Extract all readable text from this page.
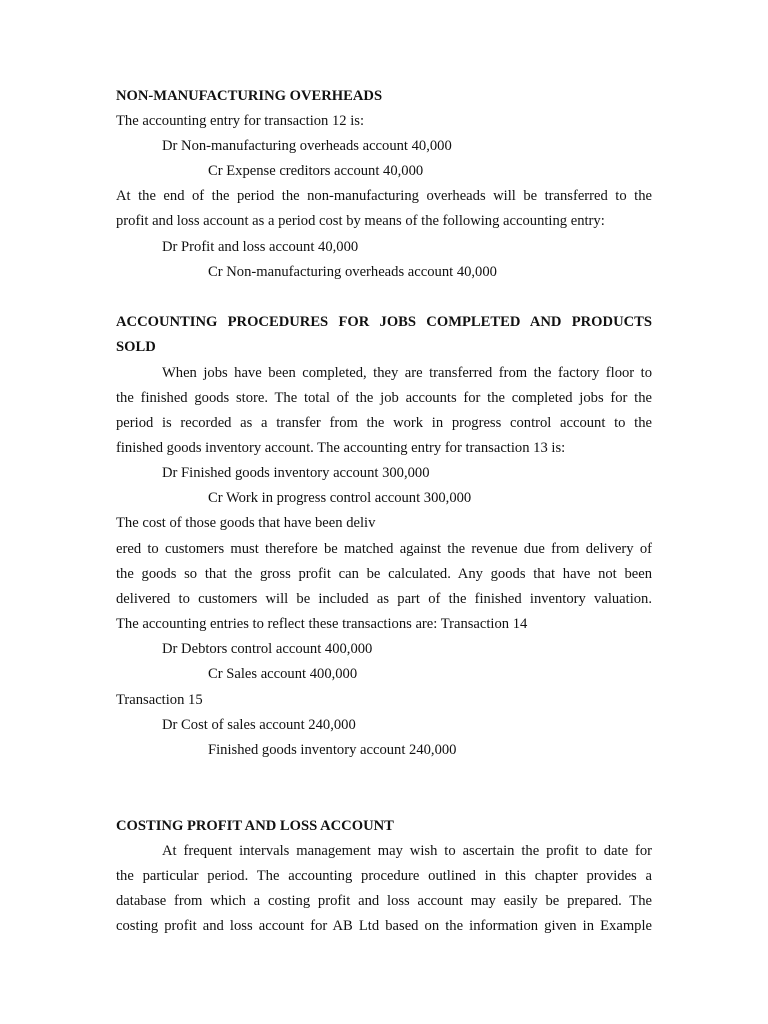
NON-MANUFACTURING OVERHEADS
The accounting entry for transaction 12 is:
Dr Non-manufacturing overheads account 40,000
Cr Expense creditors account 40,000
At the end of the period the non-manufacturing overheads will be transferred to the
profit and loss account as a period cost by means of the following accounting entry:
Dr Profit and loss account 40,000
Cr Non-manufacturing overheads account 40,000
ACCOUNTING PROCEDURES FOR JOBS COMPLETED AND PRODUCTS
SOLD
When jobs have been completed, they are transferred from the factory floor to
the finished goods store. The total of the job accounts for the completed jobs for the
period is recorded as a transfer from the work in progress control account to the
finished goods inventory account. The accounting entry for transaction 13 is:
Dr Finished goods inventory account 300,000
Cr Work in progress control account 300,000
The cost of those goods that have been deliv
ered to customers must therefore be matched against the revenue due from delivery of
the goods so that the gross profit can be calculated. Any goods that have not been
delivered to customers will be included as part of the finished inventory valuation.
The accounting entries to reflect these transactions are: Transaction 14
Dr Debtors control account 400,000
Cr Sales account 400,000
Transaction 15
Dr Cost of sales account 240,000
Finished goods inventory account 240,000
COSTING PROFIT AND LOSS ACCOUNT
At frequent intervals management may wish to ascertain the profit to date for
the particular period. The accounting procedure outlined in this chapter provides a
database from which a costing profit and loss account may easily be prepared. The
costing profit and loss account for AB Ltd based on the information given in Example
